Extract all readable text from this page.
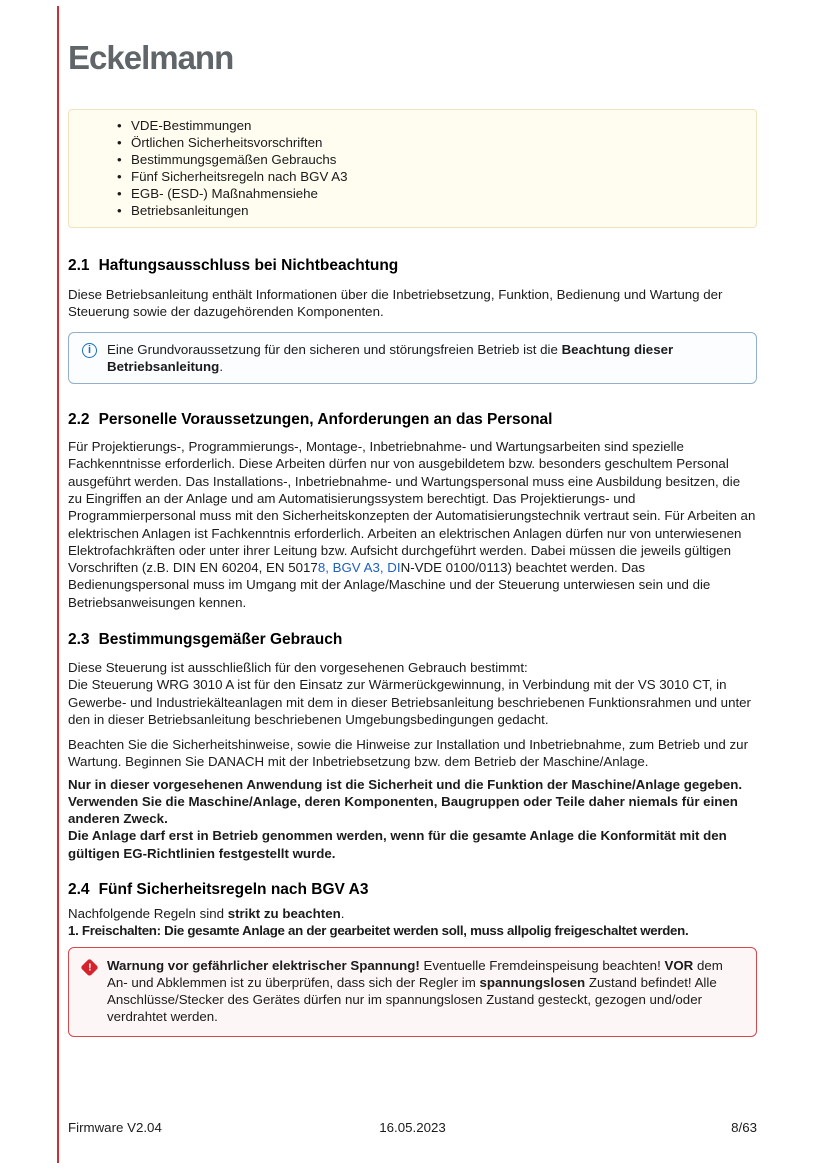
Eckelmann
• VDE-Bestimmungen
• Örtlichen Sicherheitsvorschriften
• Bestimmungsgemäßen Gebrauchs
• Fünf Sicherheitsregeln nach BGV A3
• EGB- (ESD-) Maßnahmensiehe
• Betriebsanleitungen
2.1 Haftungsausschluss bei Nichtbeachtung

Diese Betriebsanleitung enthält Informationen über die Inbetriebsetzung, Funktion, Bedienung und Wartung der Steuerung sowie der dazugehörenden Komponenten.

i Eine Grundvoraussetzung für den sicheren und störungsfreien Betrieb ist die Beachtung dieser Betriebsanleitung.

2.2 Personelle Voraussetzungen, Anforderungen an das Personal

Für Projektierungs-, Programmierungs-, Montage-, Inbetriebnahme- und Wartungsarbeiten sind spezielle Fachkenntnisse erforderlich. Diese Arbeiten dürfen nur von ausgebildetem bzw. besonders geschultem Personal ausgeführt werden. Das Installations-, Inbetriebnahme- und Wartungspersonal muss eine Ausbildung besitzen, die zu Eingriffen an der Anlage und am Automatisierungssystem berechtigt. Das Projektierungs- und Programmierpersonal muss mit den Sicherheitskonzepten der Automatisierungstechnik vertraut sein. Für Arbeiten an elektrischen Anlagen ist Fachkenntnis erforderlich. Arbeiten an elektrischen Anlagen dürfen nur von unterwiesenen Elektrofachkräften oder unter ihrer Leitung bzw. Aufsicht durchgeführt werden. Dabei müssen die jeweils gültigen Vorschriften (z.B. DIN EN 60204, EN 50178, BGV A3, DIN-VDE 0100/0113) beachtet werden. Das Bedienungspersonal muss im Umgang mit der Anlage/Maschine und der Steuerung unterwiesen sein und die Betriebsanweisungen kennen.

2.3 Bestimmungsgemäßer Gebrauch

Diese Steuerung ist ausschließlich für den vorgesehenen Gebrauch bestimmt:
Die Steuerung WRG 3010 A ist für den Einsatz zur Wärmerückgewinnung, in Verbindung mit der VS 3010 CT, in Gewerbe- und Industriekälteanlagen mit dem in dieser Betriebsanleitung beschriebenen Funktionsrahmen und unter den in dieser Betriebsanleitung beschriebenen Umgebungsbedingungen gedacht.

Beachten Sie die Sicherheitshinweise, sowie die Hinweise zur Installation und Inbetriebnahme, zum Betrieb und zur Wartung. Beginnen Sie DANACH mit der Inbetriebsetzung bzw. dem Betrieb der Maschine/Anlage.

Nur in dieser vorgesehenen Anwendung ist die Sicherheit und die Funktion der Maschine/Anlage gegeben.
Verwenden Sie die Maschine/Anlage, deren Komponenten, Baugruppen oder Teile daher niemals für einen anderen Zweck.
Die Anlage darf erst in Betrieb genommen werden, wenn für die gesamte Anlage die Konformität mit den gültigen EG-Richtlinien festgestellt wurde.

2.4 Fünf Sicherheitsregeln nach BGV A3

Nachfolgende Regeln sind strikt zu beachten.
1. Freischalten: Die gesamte Anlage an der gearbeitet werden soll, muss allpolig freigeschaltet werden.

! Warnung vor gefährlicher elektrischer Spannung! Eventuelle Fremdeinspeisung beachten! VOR dem An- und Abklemmen ist zu überprüfen, dass sich der Regler im spannungslosen Zustand befindet! Alle Anschlüsse/Stecker des Gerätes dürfen nur im spannungslosen Zustand gesteckt, gezogen und/oder verdrahtet werden.

Firmware V2.04	16.05.2023	8/63
